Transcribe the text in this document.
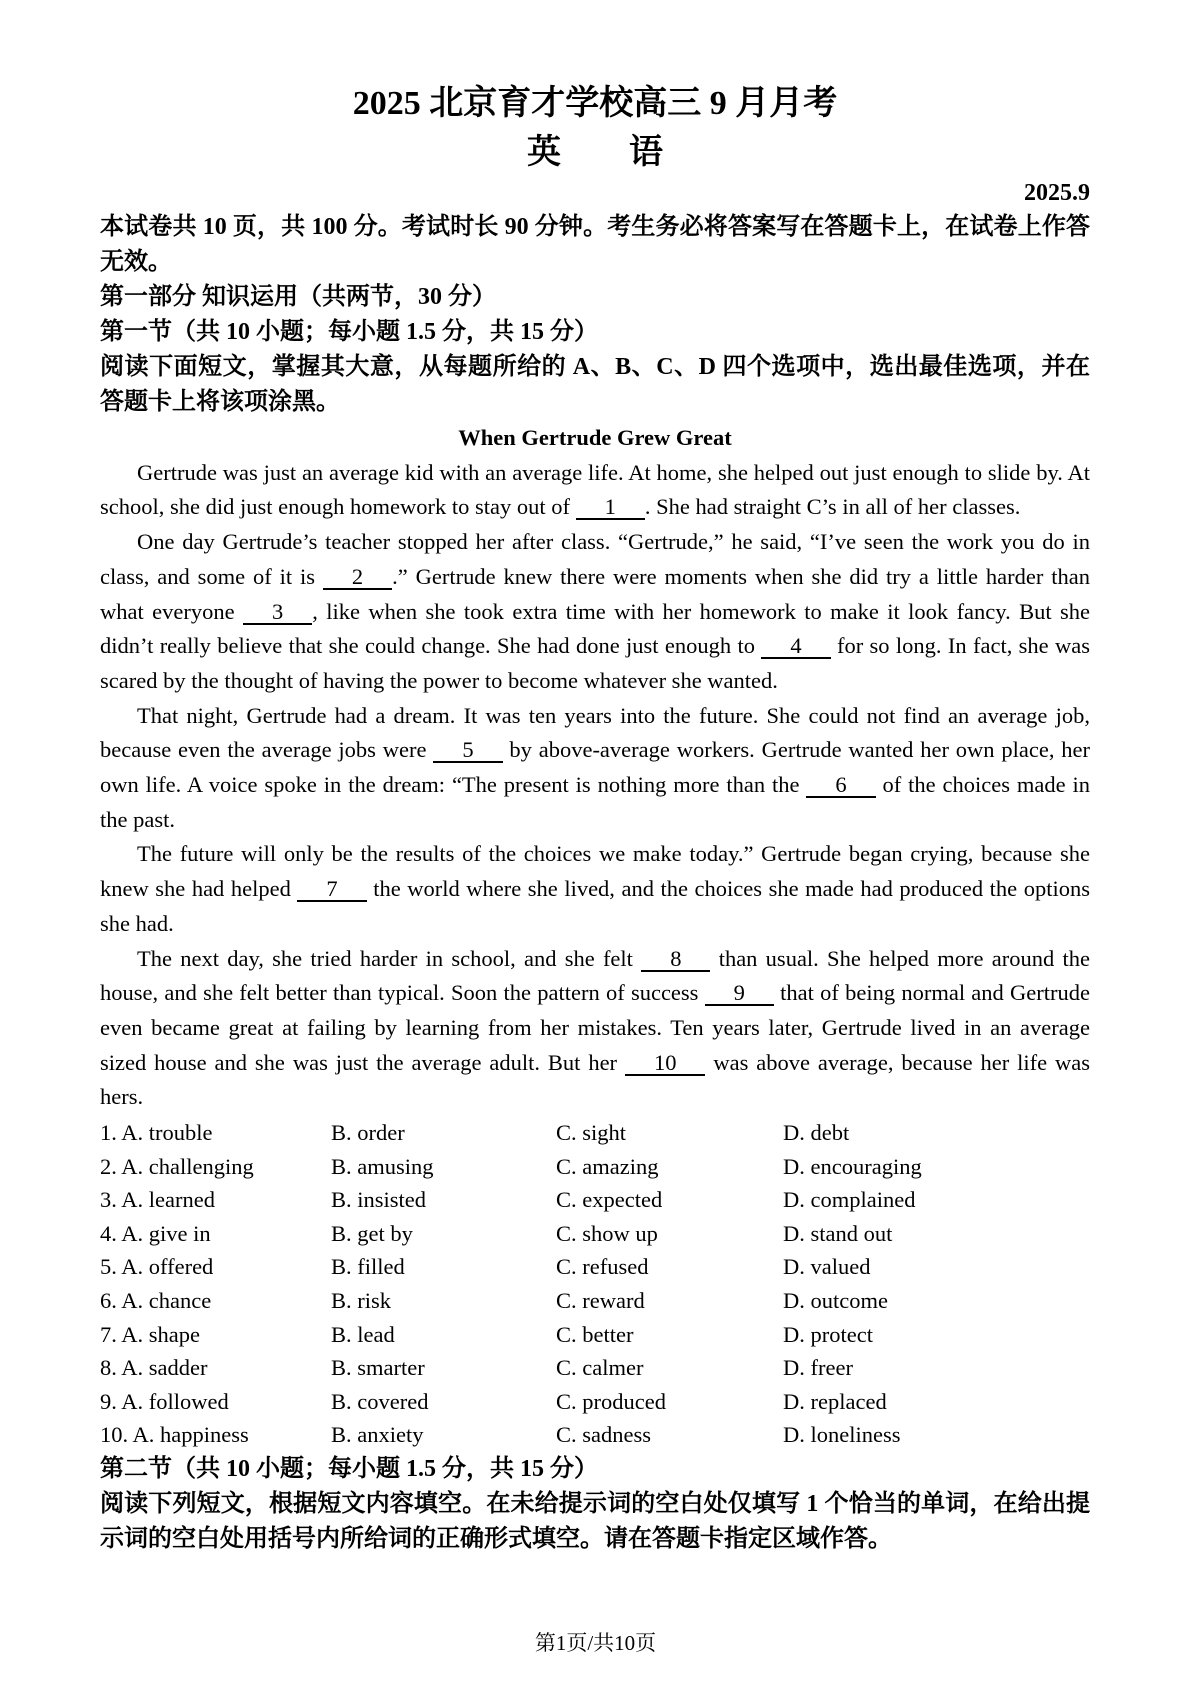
2025 北京育才学校高三 9 月月考
英　　语
2025.9

本试卷共 10 页，共 100 分。考试时长 90 分钟。考生务必将答案写在答题卡上，在试卷上作答无效。

第一部分 知识运用（共两节，30 分）

第一节（共 10 小题；每小题 1.5 分，共 15 分）

阅读下面短文，掌握其大意，从每题所给的 A、B、C、D 四个选项中，选出最佳选项，并在答题卡上将该项涂黑。

When Gertrude Grew Great

Gertrude was just an average kid with an average life. At home, she helped out just enough to slide by. At school, she did just enough homework to stay out of 1 . She had straight C’s in all of her classes.

One day Gertrude’s teacher stopped her after class. “Gertrude,” he said, “I’ve seen the work you do in class, and some of it is 2 .” Gertrude knew there were moments when she did try a little harder than what everyone 3 , like when she took extra time with her homework to make it look fancy. But she didn’t really believe that she could change. She had done just enough to 4 for so long. In fact, she was scared by the thought of having the power to become whatever she wanted.

That night, Gertrude had a dream. It was ten years into the future. She could not find an average job, because even the average jobs were 5 by above-average workers. Gertrude wanted her own place, her own life. A voice spoke in the dream: “The present is nothing more than the 6 of the choices made in the past.

The future will only be the results of the choices we make today.” Gertrude began crying, because she knew she had helped 7 the world where she lived, and the choices she made had produced the options she had.

The next day, she tried harder in school, and she felt 8 than usual. She helped more around the house, and she felt better than typical. Soon the pattern of success 9 that of being normal and Gertrude even became great at failing by learning from her mistakes. Ten years later, Gertrude lived in an average sized house and she was just the average adult. But her 10 was above average, because her life was hers.

1. A. trouble	B. order	C. sight	D. debt
2. A. challenging	B. amusing	C. amazing	D. encouraging
3. A. learned	B. insisted	C. expected	D. complained
4. A. give in	B. get by	C. show up	D. stand out
5. A. offered	B. filled	C. refused	D. valued
6. A. chance	B. risk	C. reward	D. outcome
7. A. shape	B. lead	C. better	D. protect
8. A. sadder	B. smarter	C. calmer	D. freer
9. A. followed	B. covered	C. produced	D. replaced
10. A. happiness	B. anxiety	C. sadness	D. loneliness

第二节（共 10 小题；每小题 1.5 分，共 15 分）

阅读下列短文，根据短文内容填空。在未给提示词的空白处仅填写 1 个恰当的单词，在给出提示词的空白处用括号内所给词的正确形式填空。请在答题卡指定区域作答。

第1页/共10页
